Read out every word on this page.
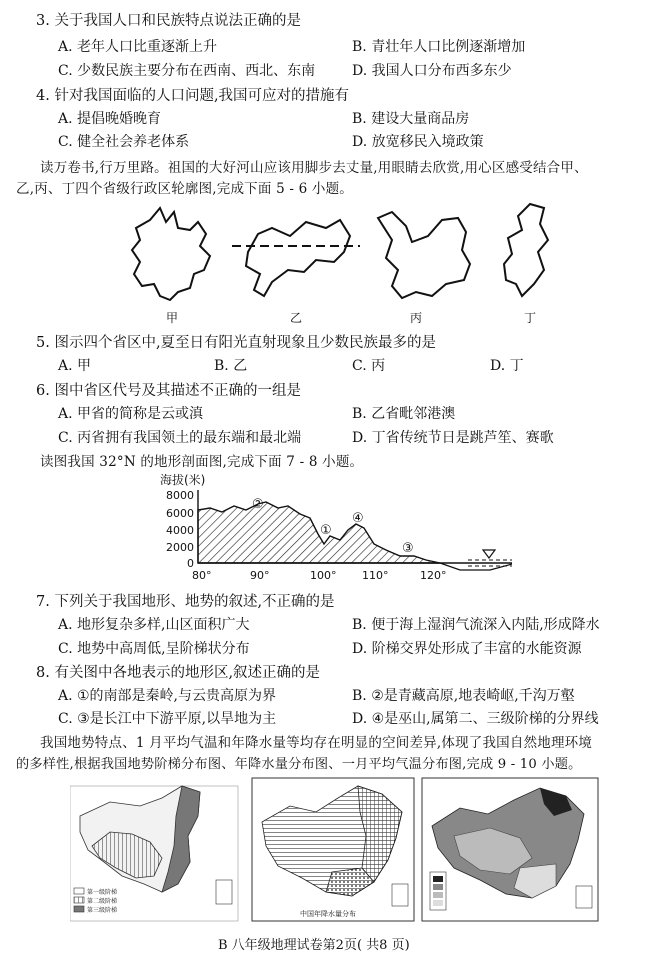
3. 关于我国人口和民族特点说法正确的是
A. 老年人口比重逐渐上升	B. 青壮年人口比例逐渐增加
C. 少数民族主要分布在西南、西北、东南	D. 我国人口分布西多东少
4. 针对我国面临的人口问题,我国可应对的措施有
A. 提倡晚婚晚育	B. 建设大量商品房
C. 健全社会养老体系	D. 放宽移民入境政策
读万卷书,行万里路。祖国的大好河山应该用脚步去丈量,用眼睛去欣赏,用心区感受结合甲、
乙,丙、丁四个省级行政区轮廓图,完成下面 5 - 6 小题。
甲	乙	丙	丁
5. 图示四个省区中,夏至日有阳光直射现象且少数民族最多的是
A. 甲	B. 乙	C. 丙	D. 丁
6. 图中省区代号及其描述不正确的一组是
A. 甲省的简称是云或滇	B. 乙省毗邻港澳
C. 丙省拥有我国领土的最东端和最北端	D. 丁省传统节日是跳芦笙、赛歌
读图我国 32°N 的地形剖面图,完成下面 7 - 8 小题。
海拔(米)
8000
6000
4000
2000
0
②
①
④
③
80°	90°	100° 110°	120°
7. 下列关于我国地形、地势的叙述,不正确的是
A. 地形复杂多样,山区面积广大	B. 便于海上湿润气流深入内陆,形成降水
C. 地势中高周低,呈阶梯状分布	D. 阶梯交界处形成了丰富的水能资源
8. 有关图中各地表示的地形区,叙述正确的是
A. ①的南部是秦岭,与云贵高原为界	B. ②是青藏高原,地表崎岖,千沟万壑
C. ③是长江中下游平原,以旱地为主	D. ④是巫山,属第二、三级阶梯的分界线
我国地势特点、1 月平均气温和年降水量等均存在明显的空间差异,体现了我国自然地理环境
的多样性,根据我国地势阶梯分布图、年降水量分布图、一月平均气温分布图,完成 9 - 10 小题。
第一级阶梯
第二级阶梯
第三级阶梯	中国年降水量分布
B 八年级地理试卷第2页( 共8 页)
